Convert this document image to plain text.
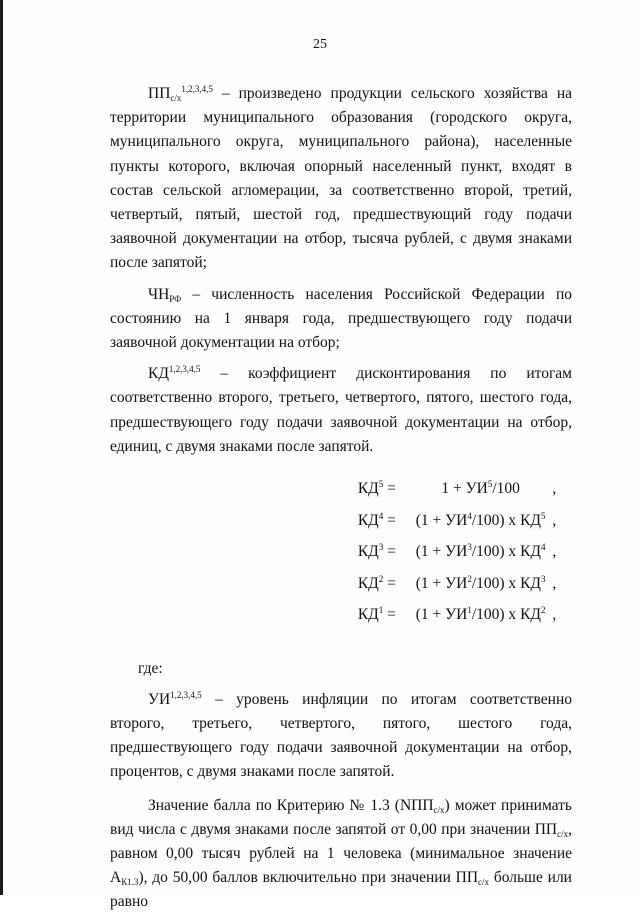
25

$ПП_{с/х}^{1,2,3,4,5}$ – произведено продукции сельского хозяйства на территории муниципального образования (городского округа, муниципального округа, муниципального района), населенные пункты которого, включая опорный населенный пункт, входят в состав сельской агломерации, за соответственно второй, третий, четвертый, пятый, шестой год, предшествующий году подачи заявочной документации на отбор, тысяча рублей, с двумя знаками после запятой;

$ЧН_{РФ}$ – численность населения Российской Федерации по состоянию на 1 января года, предшествующего году подачи заявочной документации на отбор;

КД$^{1,2,3,4,5}$ – коэффициент дисконтирования по итогам соответственно второго, третьего, четвертого, пятого, шестого года, предшествующего году подачи заявочной документации на отбор, единиц, с двумя знаками после запятой.

$КД^5$ =	$1 + УИ^5/100$	,
$КД^4$ =	$(1 + УИ^4/100)$ х $КД^5$ ,
$КД^3$ =	$(1 + УИ^3/100)$ х $КД^4$ ,
$КД^2$ =	$(1 + УИ^2/100)$ х $КД^3$ ,
$КД^1$ =	$(1 + УИ^1/100)$ х $КД^2$ ,

где:

УИ$^{1,2,3,4,5}$ – уровень инфляции по итогам соответственно второго, третьего, четвертого, пятого, шестого года, предшествующего году подачи заявочной документации на отбор, процентов, с двумя знаками после запятой.

Значение балла по Критерию № 1.3 $(NПП_{с/х})$ может принимать вид числа с двумя знаками после запятой от 0,00 при значении $ПП_{с/х}$, равном 0,00 тысяч рублей на 1 человека (минимальное значение $А_{К1.3}$), до 50,00 баллов включительно при значении $ПП_{с/х}$ больше или равно
